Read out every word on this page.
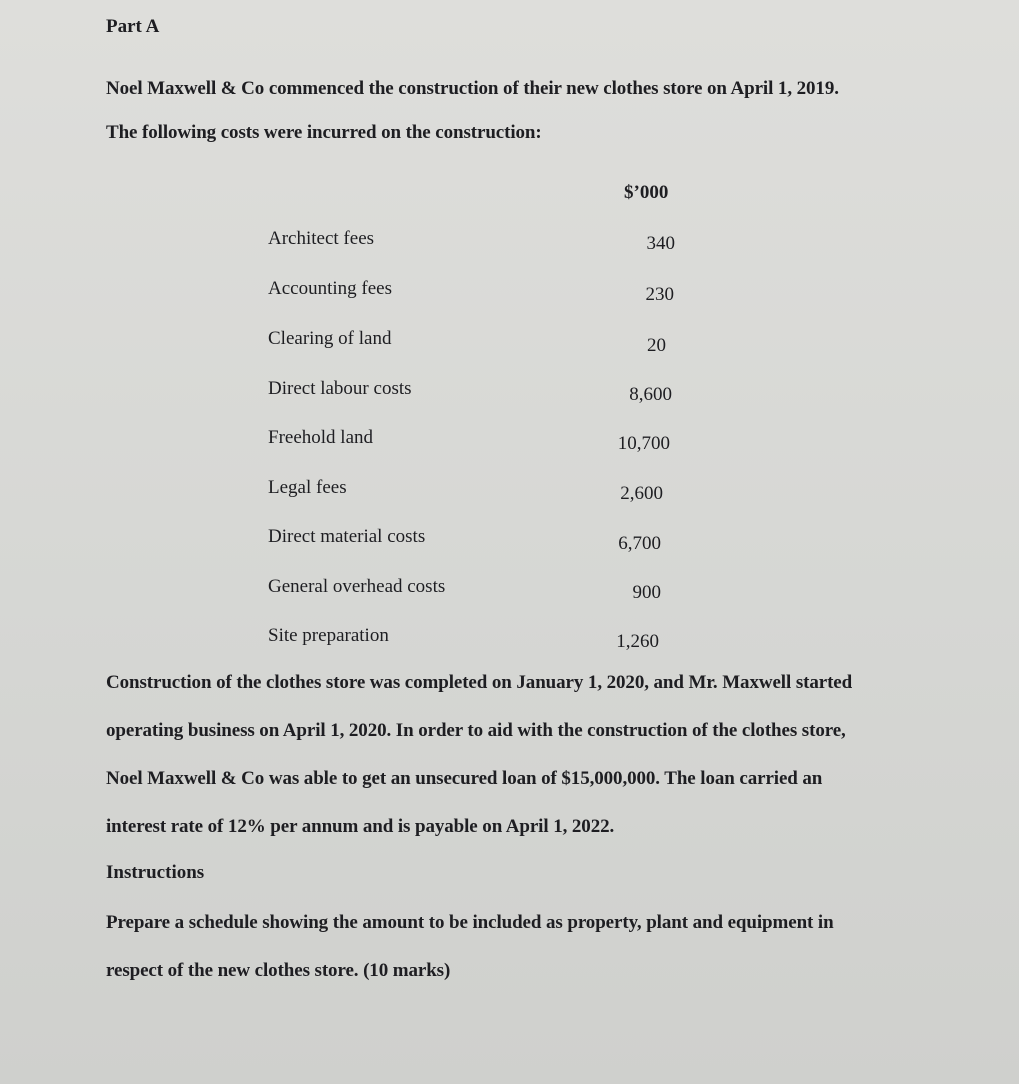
Part A
Noel Maxwell & Co commenced the construction of their new clothes store on April 1, 2019.
The following costs were incurred on the construction:
$’000
Architect fees	340
Accounting fees	230
Clearing of land	20
Direct labour costs	8,600
Freehold land	10,700
Legal fees	2,600
Direct material costs	6,700
General overhead costs	900
Site preparation	1,260
Construction of the clothes store was completed on January 1, 2020, and Mr. Maxwell started
operating business on April 1, 2020. In order to aid with the construction of the clothes store,
Noel Maxwell & Co was able to get an unsecured loan of $15,000,000. The loan carried an
interest rate of 12% per annum and is payable on April 1, 2022.
Instructions
Prepare a schedule showing the amount to be included as property, plant and equipment in
respect of the new clothes store. (10 marks)
